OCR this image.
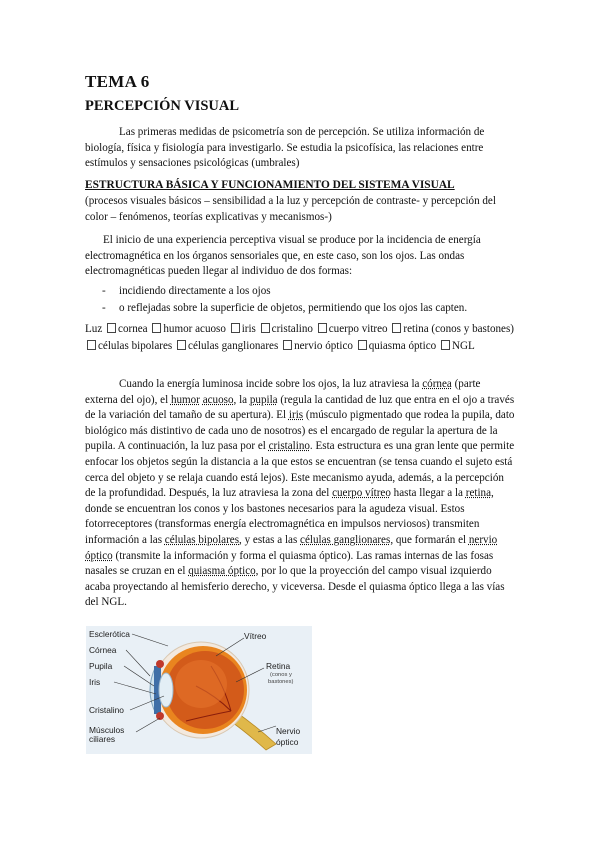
TEMA 6
PERCEPCIÓN VISUAL
Las primeras medidas de psicometría son de percepción. Se utiliza información de biología, física y fisiología para investigarlo. Se estudia la psicofísica, las relaciones entre estímulos y sensaciones psicológicas (umbrales)
ESTRUCTURA BÁSICA Y FUNCIONAMIENTO DEL SISTEMA VISUAL
(procesos visuales básicos – sensibilidad a la luz y percepción de contraste- y percepción del color – fenómenos, teorías explicativas y mecanismos-)
El inicio de una experiencia perceptiva visual se produce por la incidencia de energía electromagnética en los órganos sensoriales que, en este caso, son los ojos. Las ondas electromagnéticas pueden llegar al individuo de dos formas:
- incidiendo directamente a los ojos
- o reflejadas sobre la superficie de objetos, permitiendo que los ojos las capten.
Luz cornea humor acuoso iris cristalino cuerpo vitreo retina (conos y bastones) células bipolares células ganglionares nervio óptico quiasma óptico NGL
Cuando la energía luminosa incide sobre los ojos, la luz atraviesa la córnea (parte externa del ojo), el humor acuoso, la pupila (regula la cantidad de luz que entra en el ojo a través de la variación del tamaño de su apertura). El iris (músculo pigmentado que rodea la pupila, dato biológico más distintivo de cada uno de nosotros) es el encargado de regular la apertura de la pupila. A continuación, la luz pasa por el cristalino. Esta estructura es una gran lente que permite enfocar los objetos según la distancia a la que estos se encuentran (se tensa cuando el sujeto está cerca del objeto y se relaja cuando está lejos). Este mecanismo ayuda, además, a la percepción de la profundidad. Después, la luz atraviesa la zona del cuerpo vítreo hasta llegar a la retina, donde se encuentran los conos y los bastones necesarios para la agudeza visual. Estos fotorreceptores (transformas energía electromagnética en impulsos nerviosos) transmiten información a las células bipolares, y estas a las células ganglionares, que formarán el nervio óptico (transmite la información y forma el quiasma óptico). Las ramas internas de las fosas nasales se cruzan en el quiasma óptico, por lo que la proyección del campo visual izquierdo acaba proyectando al hemisferio derecho, y viceversa. Desde el quiasma óptico llega a las vías del NGL.
Esclerótica
Córnea
Pupila
Iris
Cristalino
Músculos
ciliares
Vítreo
Retina
(conos y
bastones)
Nervio
óptico
